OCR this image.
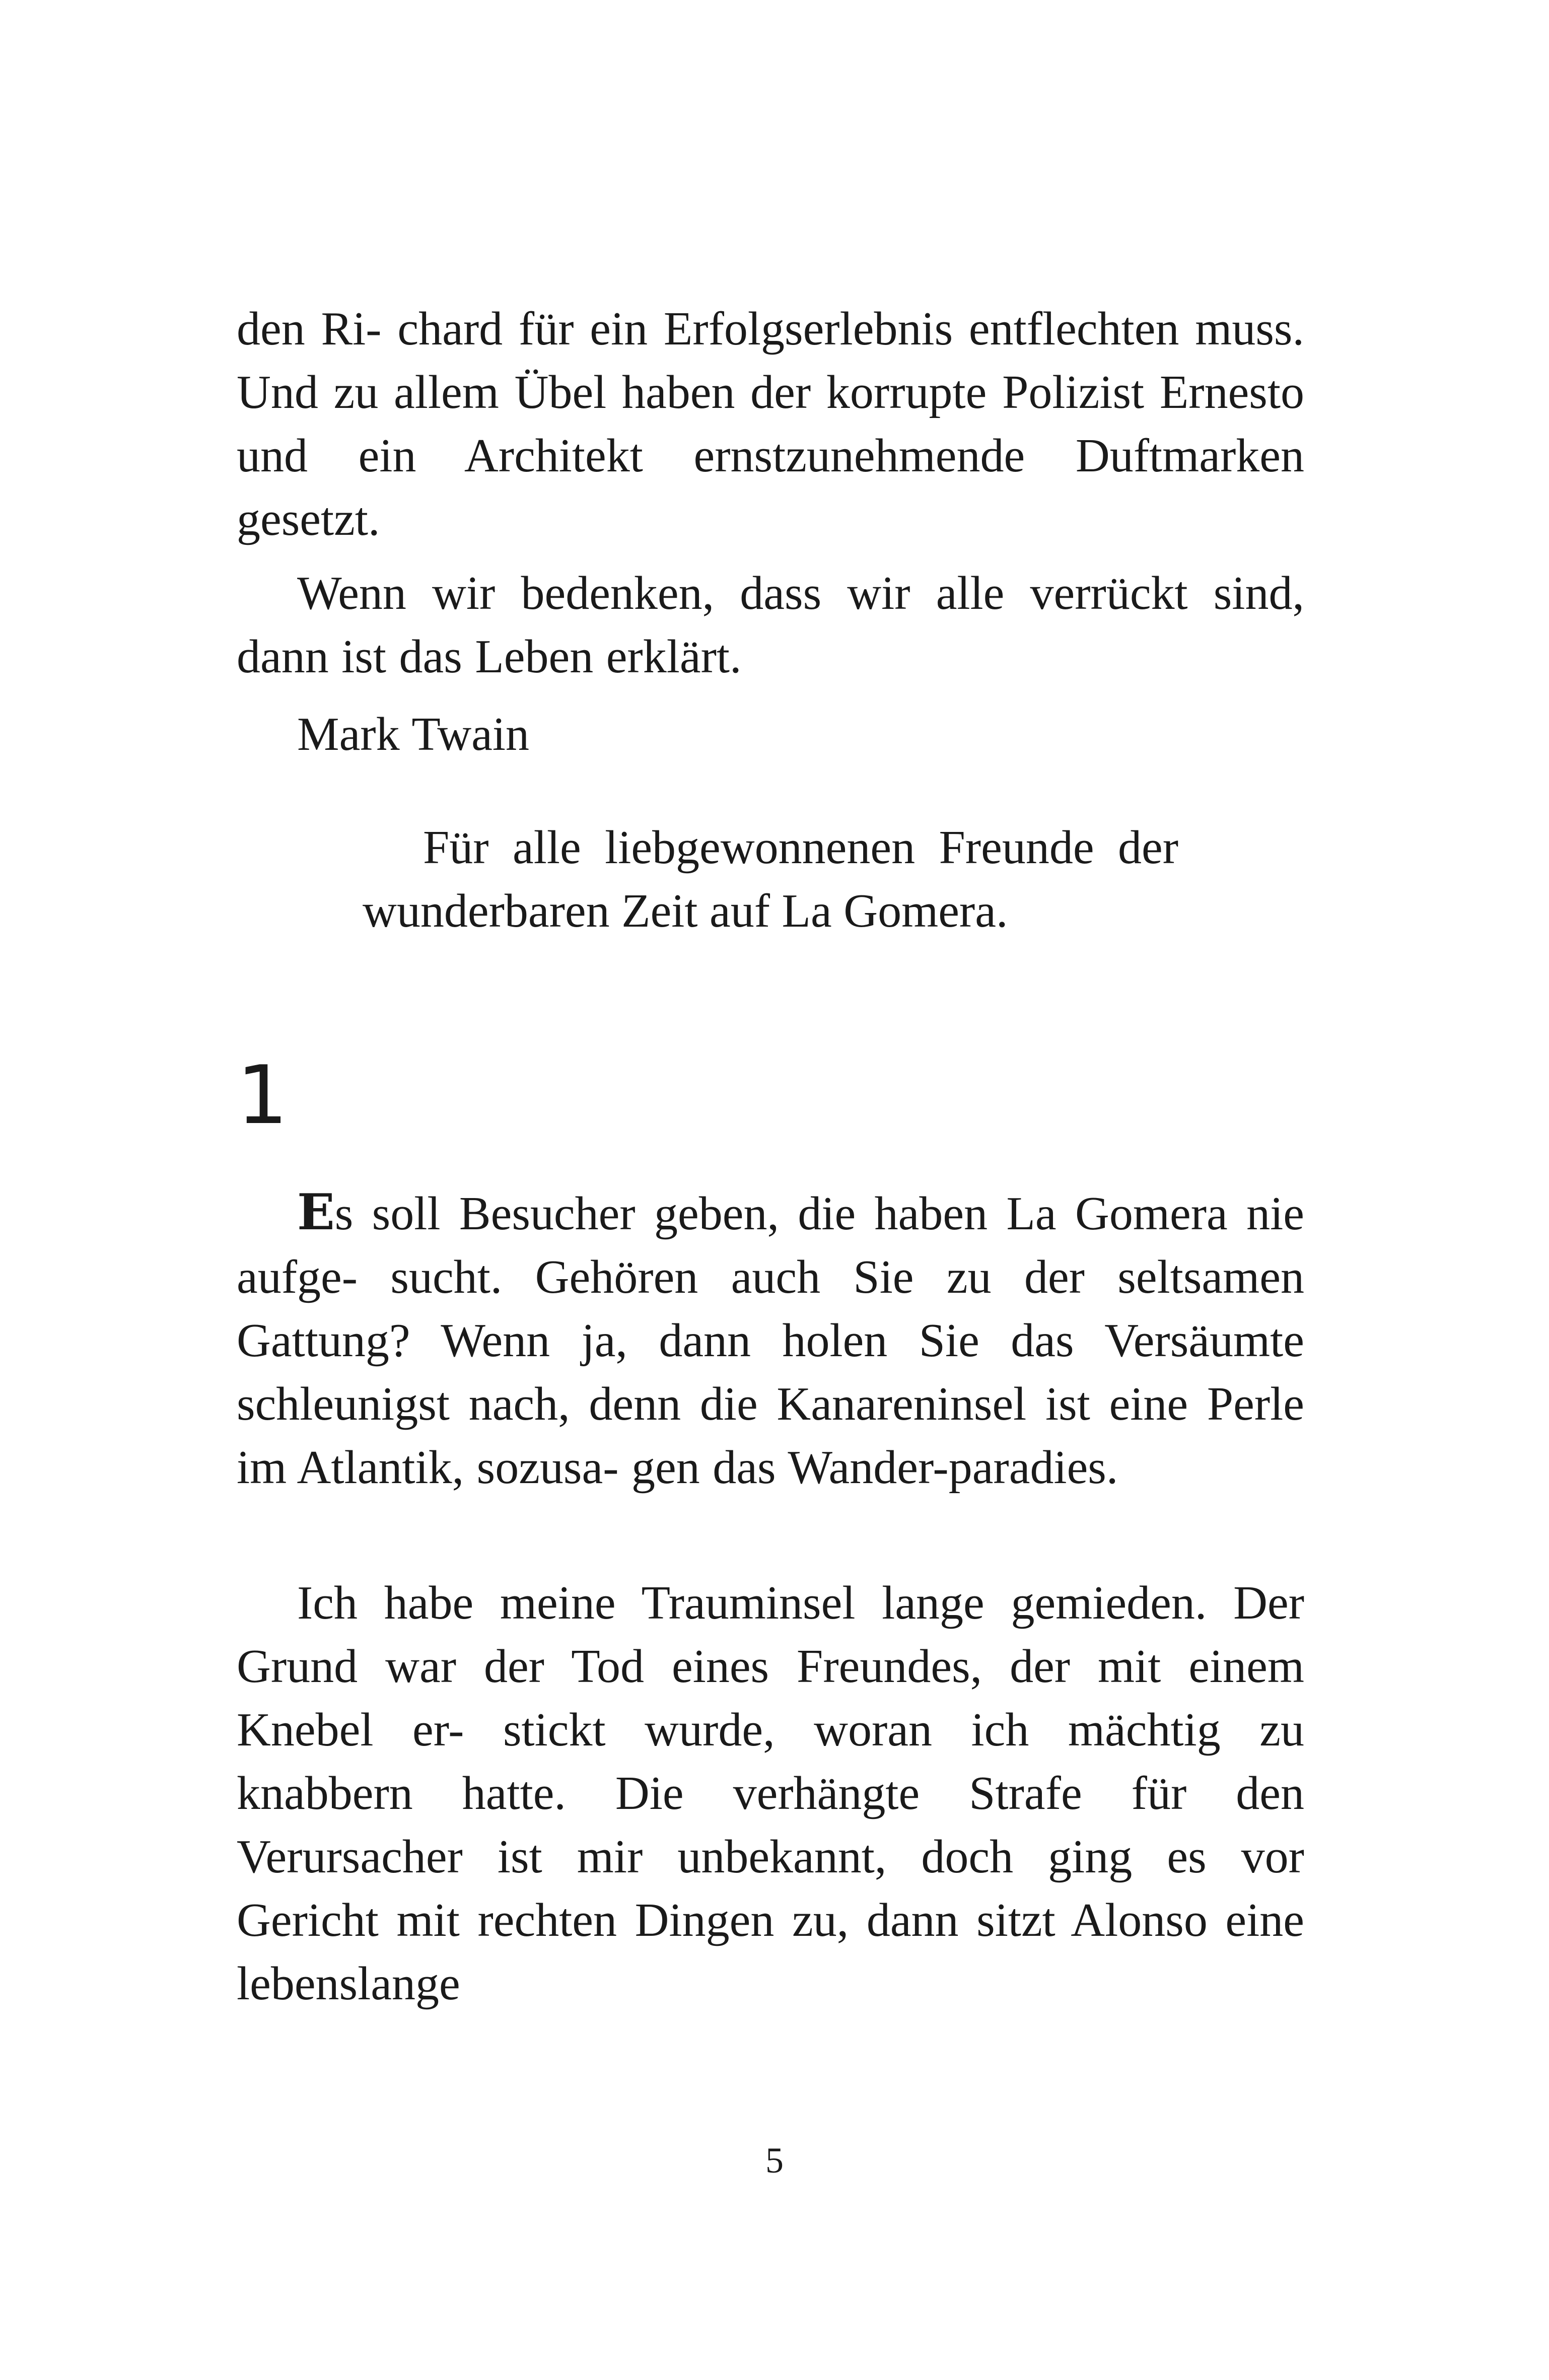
den Ri- chard für ein Erfolgserlebnis entflechten muss. Und zu allem Übel haben der korrupte Polizist Ernesto und ein Architekt ernstzunehmende Duftmarken gesetzt.

Wenn wir bedenken, dass wir alle verrückt sind, dann ist das Leben erklärt.

Mark Twain

Für alle liebgewonnenen Freunde der wunderbaren Zeit auf La Gomera.

1

Es soll Besucher geben, die haben La Gomera nie aufge- sucht. Gehören auch Sie zu der seltsamen Gattung? Wenn ja, dann holen Sie das Versäumte schleunigst nach, denn die Kanareninsel ist eine Perle im Atlantik, sozusa- gen das Wander-paradies.

Ich habe meine Trauminsel lange gemieden. Der Grund war der Tod eines Freundes, der mit einem Knebel er- stickt wurde, woran ich mächtig zu knabbern hatte. Die verhängte Strafe für den Verursacher ist mir unbekannt, doch ging es vor Gericht mit rechten Dingen zu, dann sitzt Alonso eine lebenslange

5
